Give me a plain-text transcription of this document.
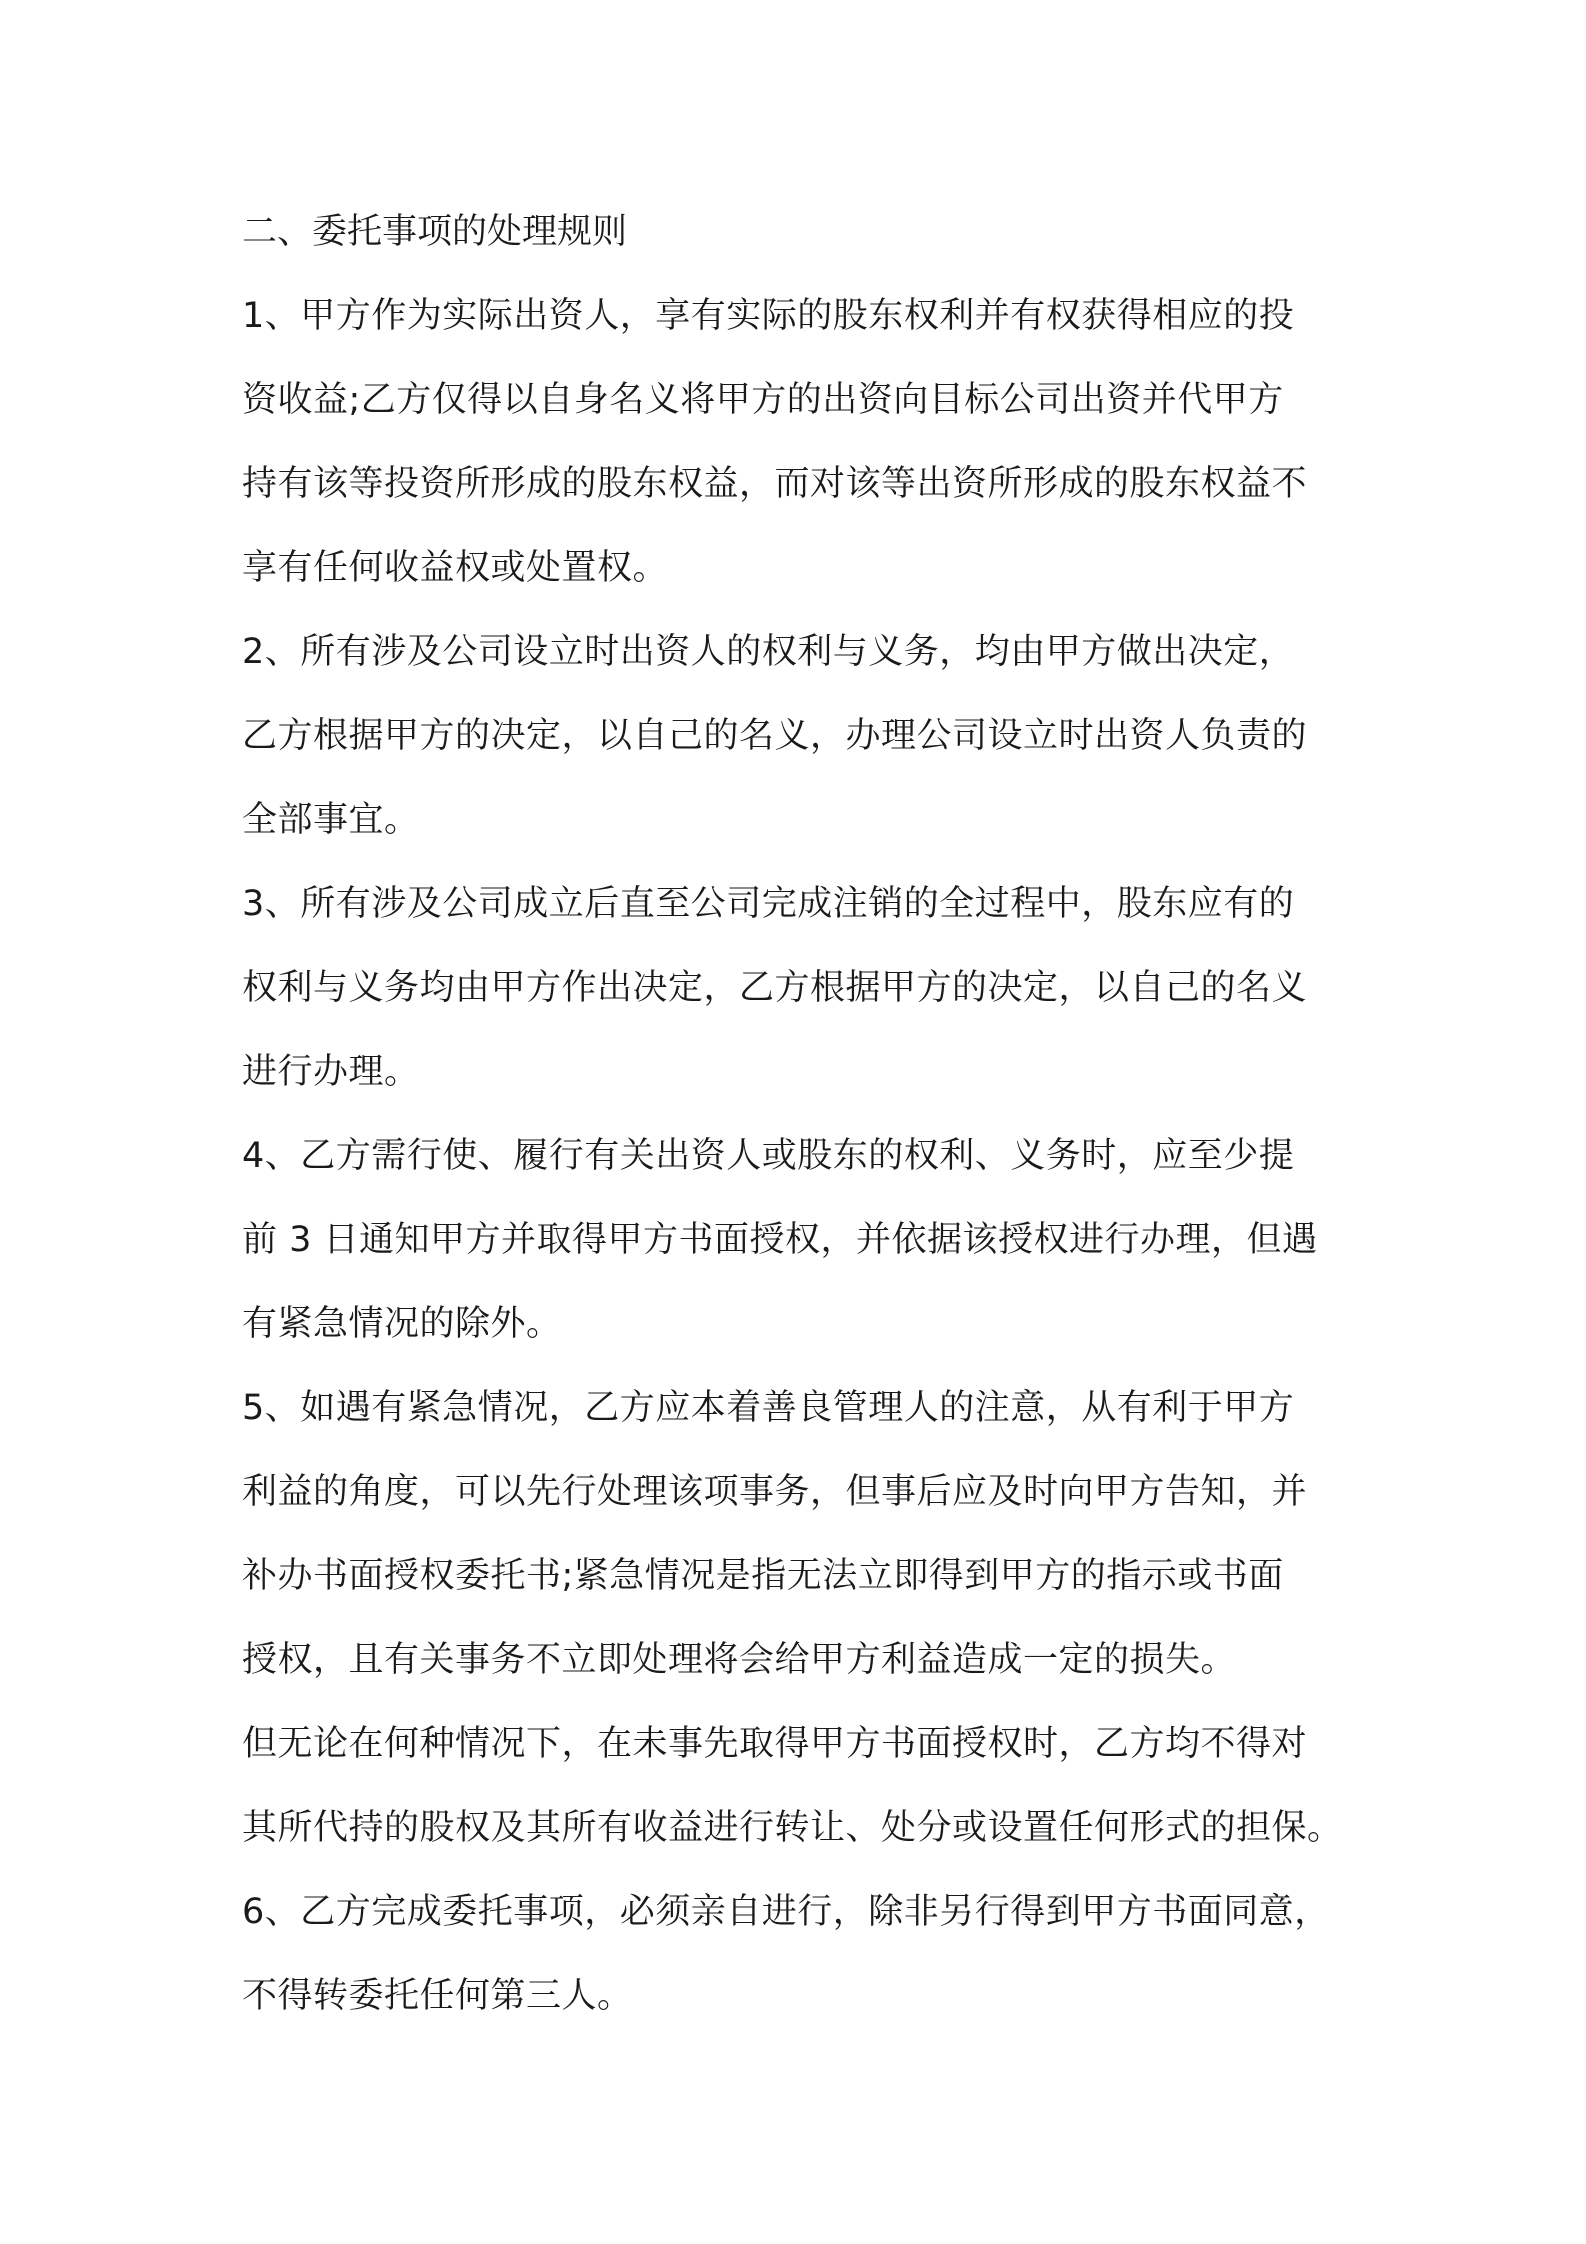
二、委托事项的处理规则
1、甲方作为实际出资人，享有实际的股东权利并有权获得相应的投
资收益;乙方仅得以自身名义将甲方的出资向目标公司出资并代甲方
持有该等投资所形成的股东权益，而对该等出资所形成的股东权益不
享有任何收益权或处置权。
2、所有涉及公司设立时出资人的权利与义务，均由甲方做出决定，
乙方根据甲方的决定，以自己的名义，办理公司设立时出资人负责的
全部事宜。
3、所有涉及公司成立后直至公司完成注销的全过程中，股东应有的
权利与义务均由甲方作出决定，乙方根据甲方的决定，以自己的名义
进行办理。
4、乙方需行使、履行有关出资人或股东的权利、义务时，应至少提
前 3 日通知甲方并取得甲方书面授权，并依据该授权进行办理，但遇
有紧急情况的除外。
5、如遇有紧急情况，乙方应本着善良管理人的注意，从有利于甲方
利益的角度，可以先行处理该项事务，但事后应及时向甲方告知，并
补办书面授权委托书;紧急情况是指无法立即得到甲方的指示或书面
授权，且有关事务不立即处理将会给甲方利益造成一定的损失。
但无论在何种情况下，在未事先取得甲方书面授权时，乙方均不得对
其所代持的股权及其所有收益进行转让、处分或设置任何形式的担保。
6、乙方完成委托事项，必须亲自进行，除非另行得到甲方书面同意，
不得转委托任何第三人。
